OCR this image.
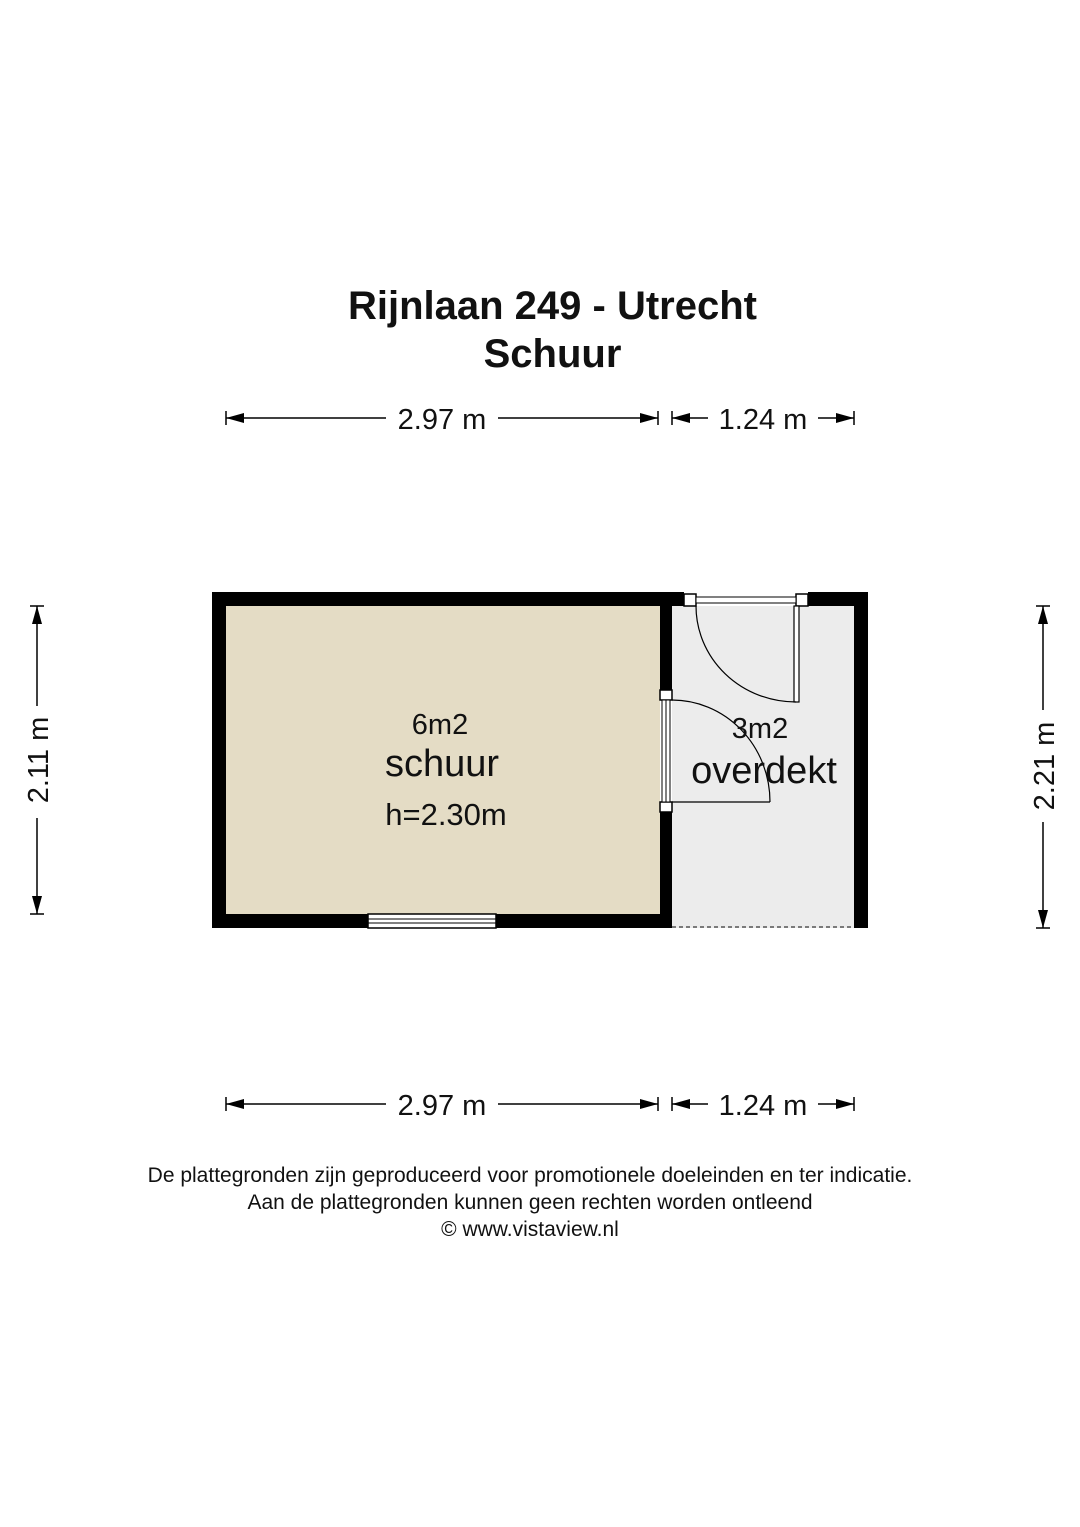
Rijnlaan 249 - Utrecht
Schuur
6m2
schuur
h=2.30m
3m2
overdekt
2.97 m	1.24 m
2.97 m	1.24 m
2.11 m	2.21 m
De plattegronden zijn geproduceerd voor promotionele doeleinden en ter indicatie.
Aan de plattegronden kunnen geen rechten worden ontleend
© www.vistaview.nl
